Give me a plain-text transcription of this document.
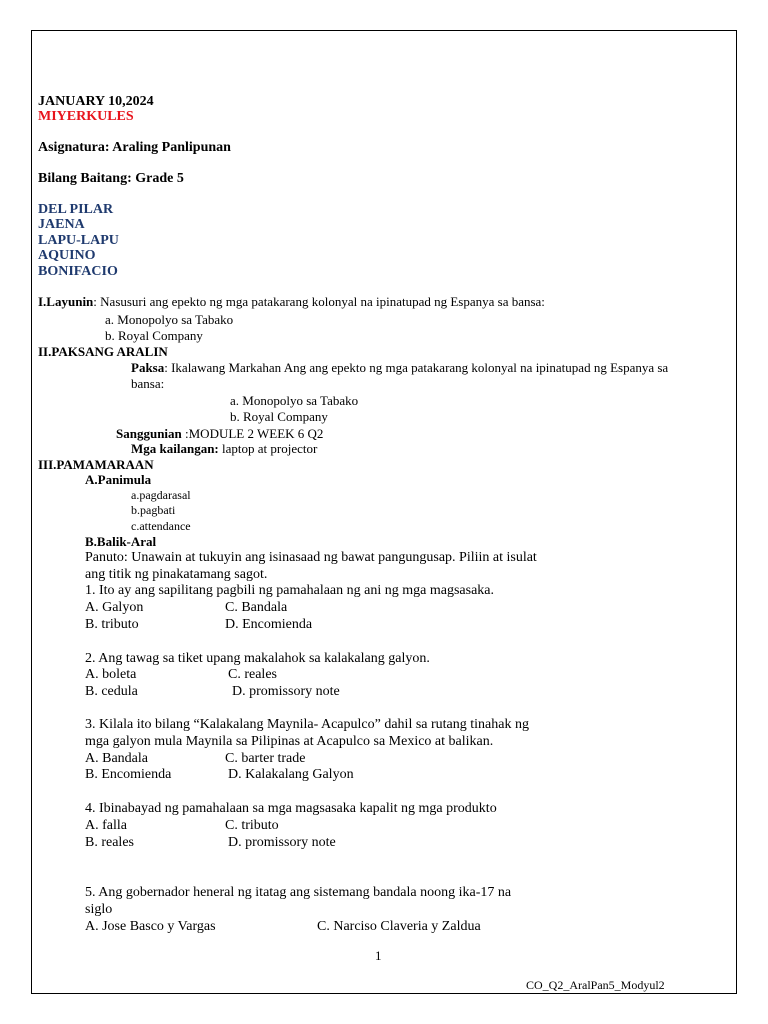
JANUARY 10,2024
MIYERKULES
Asignatura: Araling Panlipunan
Bilang Baitang: Grade 5
DEL PILAR
JAENA
LAPU-LAPU
AQUINO
BONIFACIO
I.Layunin: Nasusuri ang epekto ng mga patakarang kolonyal na ipinatupad ng Espanya sa bansa:
a. Monopolyo sa Tabako
b. Royal Company
II.PAKSANG ARALIN
Paksa: Ikalawang Markahan Ang ang epekto ng mga patakarang kolonyal na ipinatupad ng Espanya sa
bansa:
a. Monopolyo sa Tabako
b. Royal Company
Sanggunian :MODULE 2 WEEK 6 Q2
Mga kailangan: laptop at projector
III.PAMAMARAAN
A.Panimula
a.pagdarasal
b.pagbati
c.attendance
B.Balik-Aral
Panuto: Unawain at tukuyin ang isinasaad ng bawat pangungusap. Piliin at isulat
ang titik ng pinakatamang sagot.
1. Ito ay ang sapilitang pagbili ng pamahalaan ng ani ng mga magsasaka.
A. Galyon	C. Bandala
B. tributo	D. Encomienda
2. Ang tawag sa tiket upang makalahok sa kalakalang galyon.
A. boleta	C. reales
B. cedula	D. promissory note
3. Kilala ito bilang “Kalakalang Maynila- Acapulco” dahil sa rutang tinahak ng
mga galyon mula Maynila sa Pilipinas at Acapulco sa Mexico at balikan.
A. Bandala	C. barter trade
B. Encomienda	D. Kalakalang Galyon
4. Ibinabayad ng pamahalaan sa mga magsasaka kapalit ng mga produkto
A. falla	C. tributo
B. reales	D. promissory note
5. Ang gobernador heneral ng itatag ang sistemang bandala noong ika-17 na
siglo
A. Jose Basco y Vargas	C. Narciso Claveria y Zaldua
1
CO_Q2_AralPan5_Modyul2
